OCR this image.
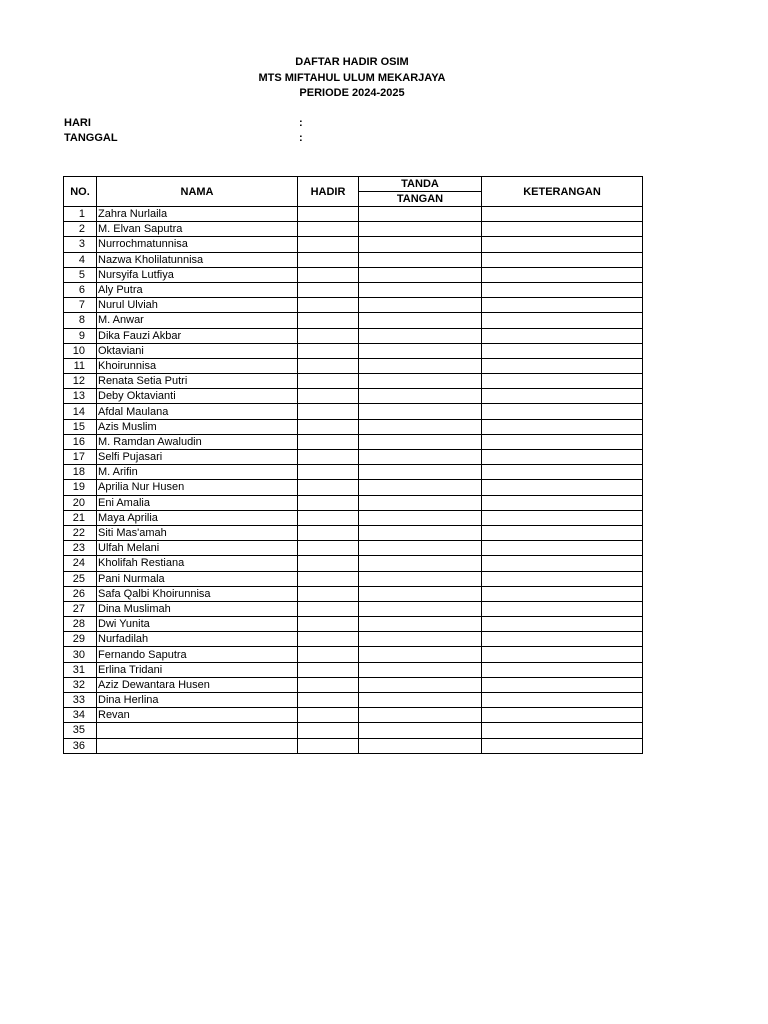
DAFTAR HADIR OSIM
MTS MIFTAHUL ULUM MEKARJAYA
PERIODE 2024-2025
HARI	:
TANGGAL	:
NO.	NAMA	HADIR	TANDA	KETERANGAN
			TANGAN	
1	Zahra Nurlaila			
2	M. Elvan Saputra			
3	Nurrochmatunnisa			
4	Nazwa Kholilatunnisa			
5	Nursyifa Lutfiya			
6	Aly Putra			
7	Nurul Ulviah			
8	M. Anwar			
9	Dika Fauzi Akbar			
10	Oktaviani			
11	Khoirunnisa			
12	Renata Setia Putri			
13	Deby Oktavianti			
14	Afdal Maulana			
15	Azis Muslim			
16	M. Ramdan Awaludin			
17	Selfi Pujasari			
18	M. Arifin			
19	Aprilia Nur Husen			
20	Eni Amalia			
21	Maya Aprilia			
22	Siti Mas'amah			
23	Ulfah Melani			
24	Kholifah Restiana			
25	Pani Nurmala			
26	Safa Qalbi Khoirunnisa			
27	Dina Muslimah			
28	Dwi Yunita			
29	Nurfadilah			
30	Fernando Saputra			
31	Erlina Tridani			
32	Aziz Dewantara Husen			
33	Dina Herlina			
34	Revan			
35				
36				
